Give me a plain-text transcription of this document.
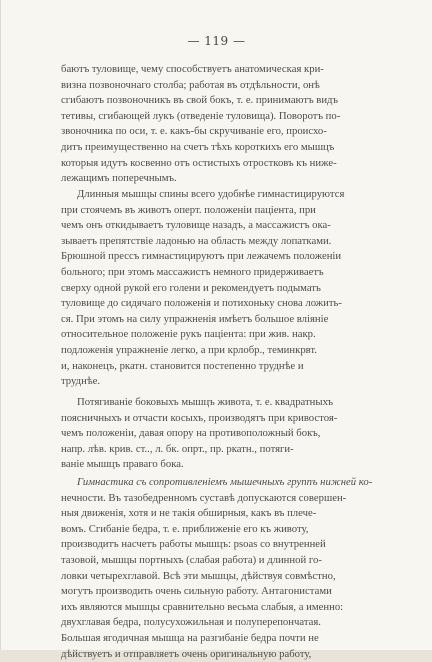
— 119 —

баютъ туловище, чему способствуетъ анатомическая кри-
визна позвоночнаго столба; работая въ отдѣльности, онѣ
сгибаютъ позвоночникъ въ свой бокъ, т. е. принимаютъ видъ
тетивы, сгибающей лукъ (отведеніе туловища). Поворотъ по-
звоночника по оси, т. е. какъ-бы скручиваніе его, происхо-
дитъ преимущественно на счетъ тѣхъ короткихъ его мышцъ
которыя идутъ косвенно отъ остистыхъ отростковъ къ ниже-
лежащимъ поперечнымъ.

Длинныя мышцы спины всего удобнѣе гимнастицируются
при стоячемъ въ животъ оперт. положеніи паціента, при
чемъ онъ откидываетъ туловище назадъ, а массажистъ ока-
зываетъ препятствіе ладонью на область между лопатками.
Брюшной прессъ гимнастицируютъ при лежачемъ положеніи
больного; при этомъ массажистъ немного придерживаетъ
сверху одной рукой его голени и рекомендуетъ подымать
туловище до сидячаго положенія и потихоньку снова ложить-
ся. При этомъ на силу упражненія имѣетъ большое вліяніе
относительное положеніе рукъ паціента: при жив. накр.
подложенія упражненіе легко, а при крлобр., теминкрвт.
и, наконецъ, ркатн. становится постепенно труднѣе и
труднѣе.

Потягиваніе боковыхъ мышцъ живота, т. е. квадратныхъ
поясничныхъ и отчасти косыхъ, производятъ при кривостоя-
чемъ положеніи, давая опору на противоположный бокъ,
напр. лѣв. крив. ст.., л. бк. опрт., пр. ркатн., потяги-
ваніе мышцъ праваго бока.

Гимнастика съ сопротивленіемъ мышечныхъ группъ нижней ко-
нечности. Въ тазобедренномъ суставѣ допускаются совершен-
ныя движенія, хотя и не такія обширныя, какъ въ плече-
вомъ. Сгибаніе бедра, т. е. приближеніе его къ животу,
производитъ насчетъ работы мышцъ: psoas со внутренней
тазовой, мышцы портныхъ (слабая работа) и длинной го-
ловки четырехглавой. Всѣ эти мышцы, дѣйствуя совмѣстно,
могутъ производить очень сильную работу. Антагонистами
ихъ являются мышцы сравнительно весьма слабыя, а именно:
двухглавая бедра, полусухожильная и полуперепончатая.
Большая ягодичная мышца на разгибаніе бедра почти не
дѣйствуетъ и отправляетъ очень оригинальную работу,
